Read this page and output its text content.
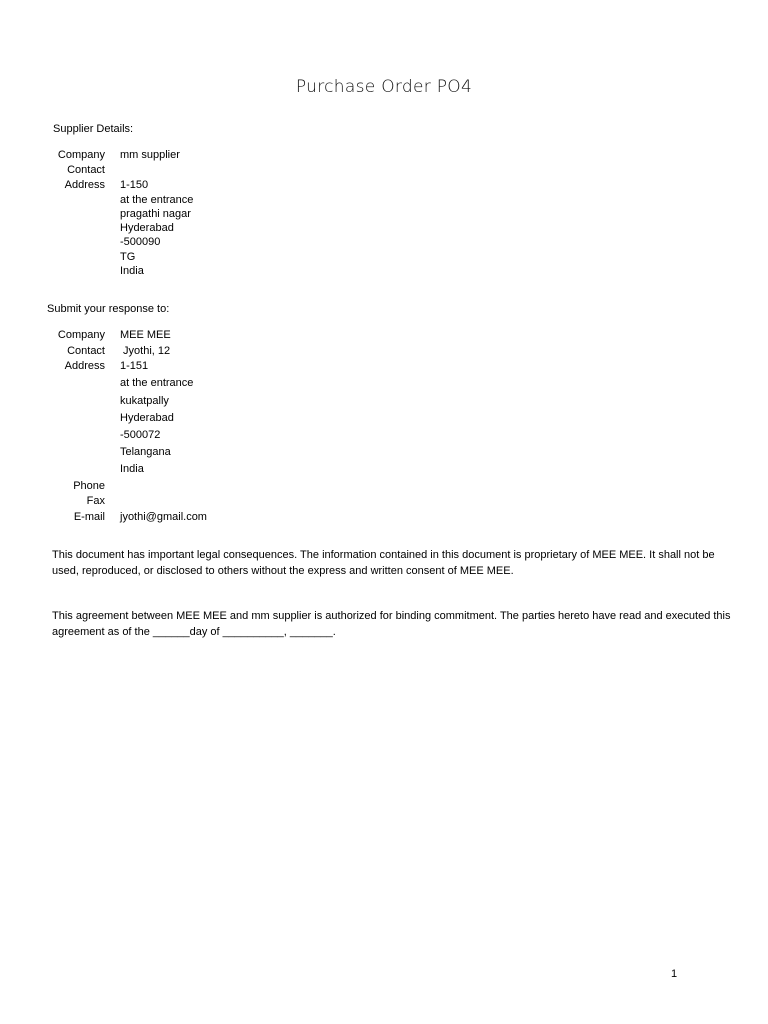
Purchase Order PO4
Supplier Details:
Company mm supplier
Contact
Address 1-150
at the entrance
pragathi nagar
Hyderabad
-500090
TG
India
Submit your response to:
Company MEE MEE
Contact Jyothi, 12
Address 1-151
at the entrance
kukatpally
Hyderabad
-500072
Telangana
India
Phone
Fax
E-mail jyothi@gmail.com
This document has important legal consequences. The information contained in this document is proprietary of MEE MEE. It shall not be used, reproduced, or disclosed to others without the express and written consent of MEE MEE.
This agreement between MEE MEE and mm supplier is authorized for binding commitment. The parties hereto have read and executed this agreement as of the ______day of __________, _______.
1
